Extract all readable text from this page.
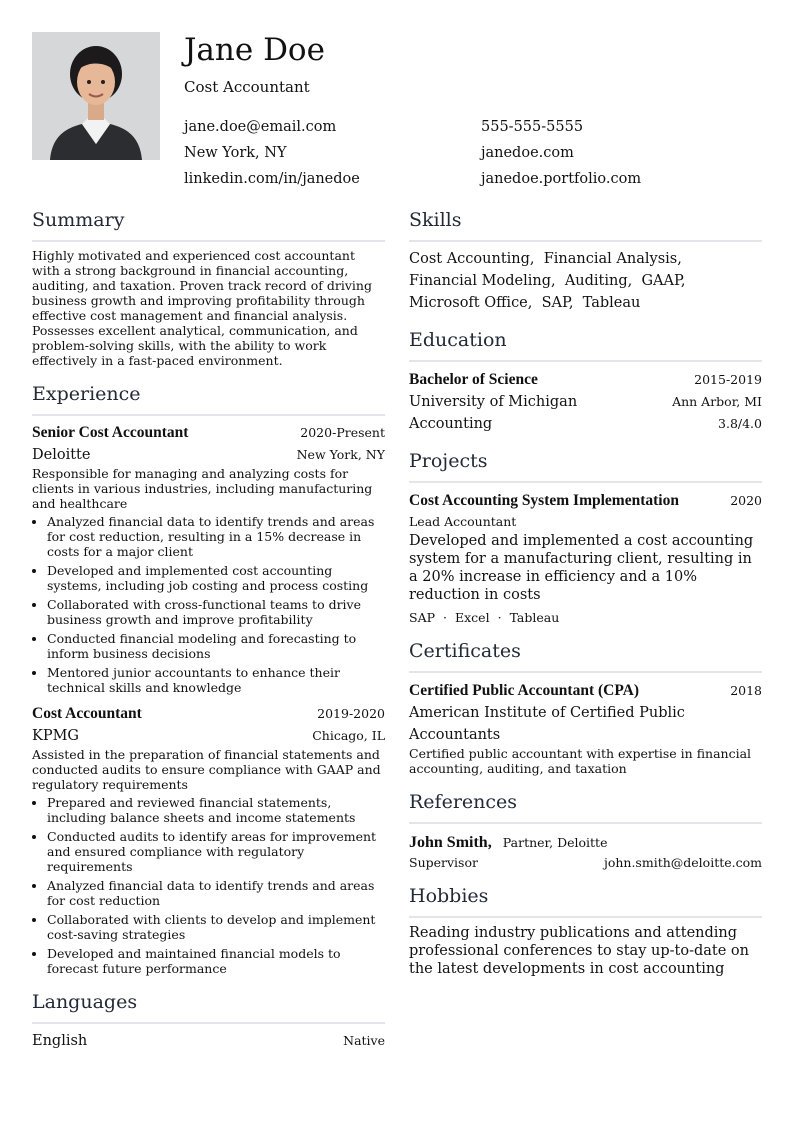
Jane Doe
Cost Accountant
jane.doe@email.com	555-555-5555
New York, NY	janedoe.com
linkedin.com/in/janedoe	janedoe.portfolio.com
Summary
Highly motivated and experienced cost accountant with a strong background in financial accounting, auditing, and taxation. Proven track record of driving business growth and improving profitability through effective cost management and financial analysis. Possesses excellent analytical, communication, and problem-solving skills, with the ability to work effectively in a fast-paced environment.
Experience
Senior Cost Accountant	2020-Present
Deloitte	New York, NY
Responsible for managing and analyzing costs for clients in various industries, including manufacturing and healthcare
• Analyzed financial data to identify trends and areas for cost reduction, resulting in a 15% decrease in costs for a major client
• Developed and implemented cost accounting systems, including job costing and process costing
• Collaborated with cross-functional teams to drive business growth and improve profitability
• Conducted financial modeling and forecasting to inform business decisions
• Mentored junior accountants to enhance their technical skills and knowledge
Cost Accountant	2019-2020
KPMG	Chicago, IL
Assisted in the preparation of financial statements and conducted audits to ensure compliance with GAAP and regulatory requirements
• Prepared and reviewed financial statements, including balance sheets and income statements
• Conducted audits to identify areas for improvement and ensured compliance with regulatory requirements
• Analyzed financial data to identify trends and areas for cost reduction
• Collaborated with clients to develop and implement cost-saving strategies
• Developed and maintained financial models to forecast future performance
Languages
English	Native
Skills
Cost Accounting,  Financial Analysis,
Financial Modeling,  Auditing,  GAAP,
Microsoft Office,  SAP,  Tableau
Education
Bachelor of Science	2015-2019
University of Michigan	Ann Arbor, MI
Accounting	3.8/4.0
Projects
Cost Accounting System Implementation	2020
Lead Accountant
Developed and implemented a cost accounting system for a manufacturing client, resulting in a 20% increase in efficiency and a 10% reduction in costs
SAP · Excel · Tableau
Certificates
Certified Public Accountant (CPA)	2018
American Institute of Certified Public Accountants
Certified public accountant with expertise in financial accounting, auditing, and taxation
References
John Smith, Partner, Deloitte
Supervisor	john.smith@deloitte.com
Hobbies
Reading industry publications and attending professional conferences to stay up-to-date on the latest developments in cost accounting
